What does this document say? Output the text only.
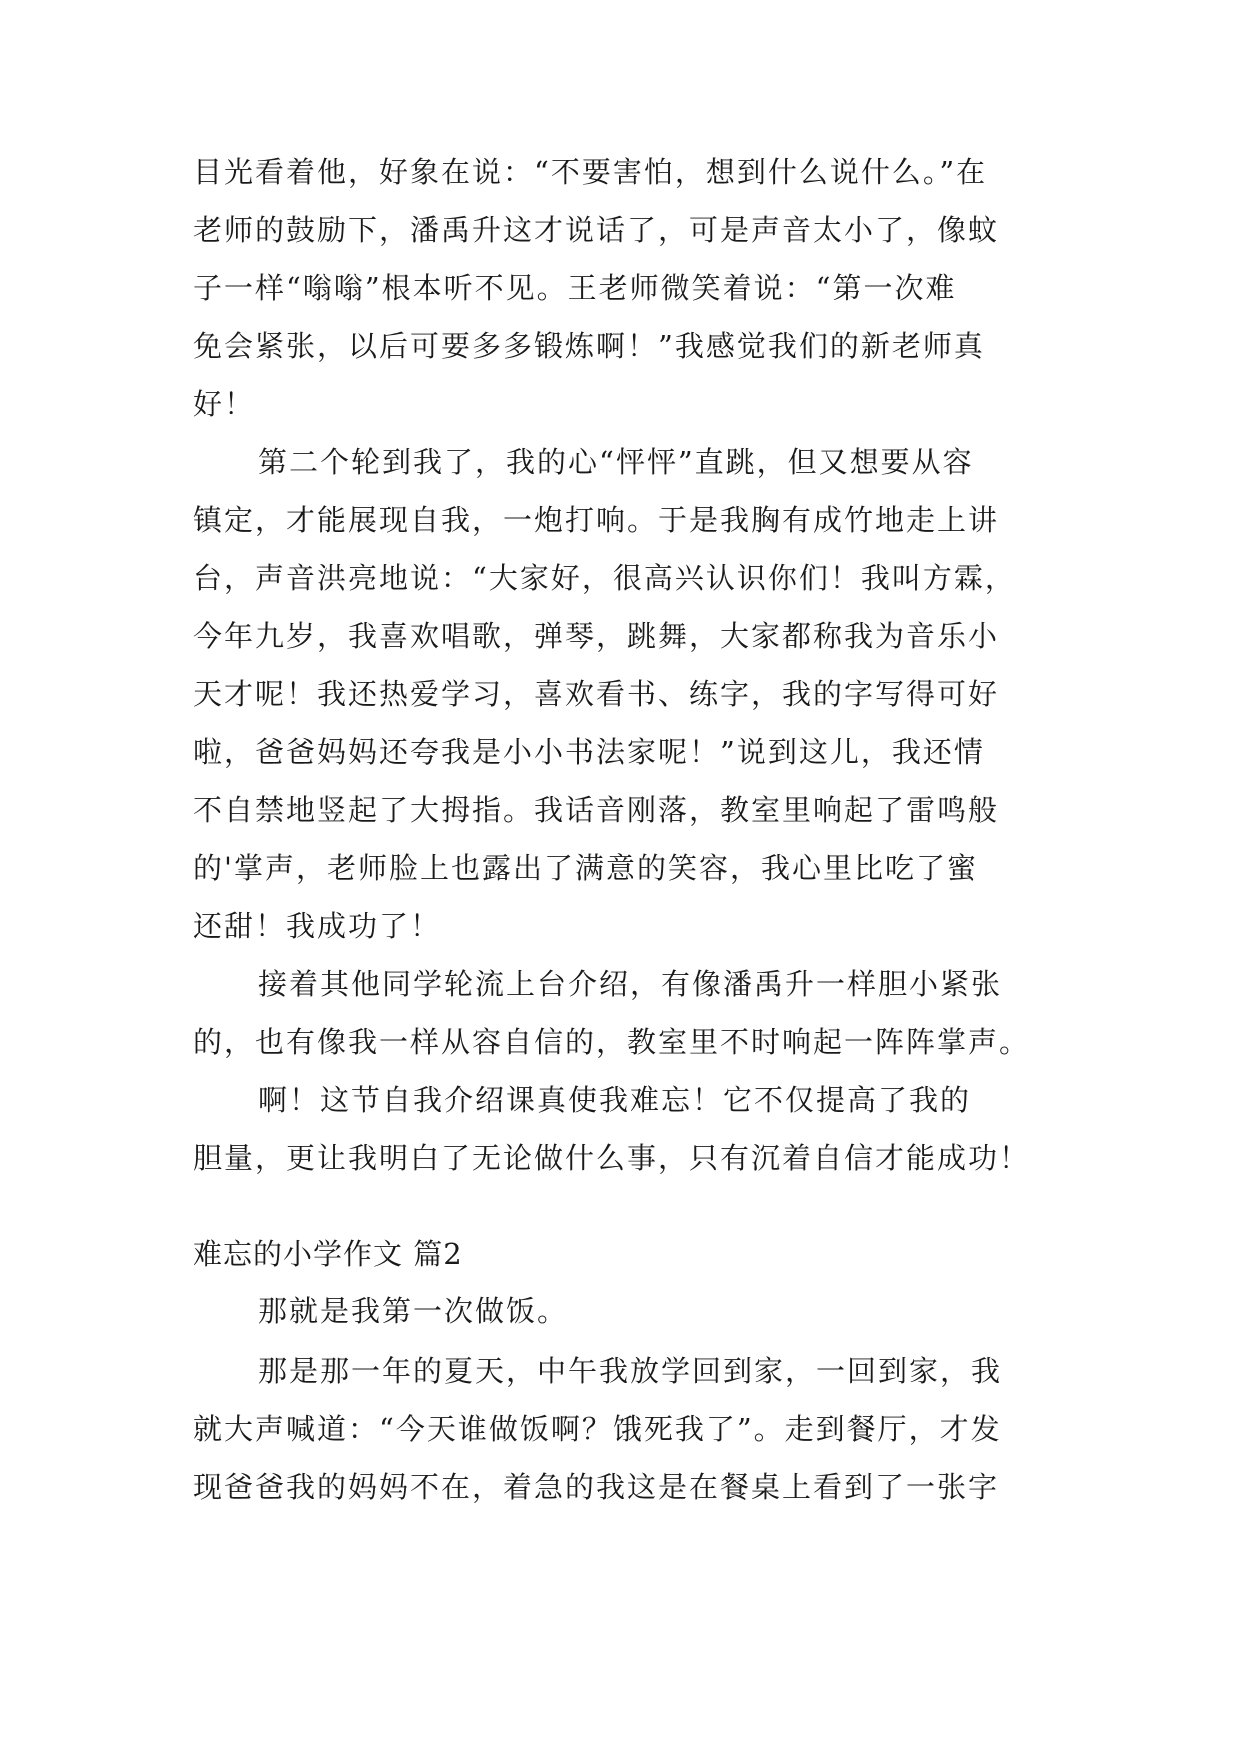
目光看着他，好象在说：“不要害怕，想到什么说什么。”在
老师的鼓励下，潘禹升这才说话了，可是声音太小了，像蚊
子一样“嗡嗡”根本听不见。王老师微笑着说：“第一次难
免会紧张，以后可要多多锻炼啊！”我感觉我们的新老师真
好！
第二个轮到我了，我的心“怦怦”直跳，但又想要从容
镇定，才能展现自我，一炮打响。于是我胸有成竹地走上讲
台，声音洪亮地说：“大家好，很高兴认识你们！我叫方霖，
今年九岁，我喜欢唱歌，弹琴，跳舞，大家都称我为音乐小
天才呢！我还热爱学习，喜欢看书、练字，我的字写得可好
啦，爸爸妈妈还夸我是小小书法家呢！”说到这儿，我还情
不自禁地竖起了大拇指。我话音刚落，教室里响起了雷鸣般
的'掌声，老师脸上也露出了满意的笑容，我心里比吃了蜜
还甜！我成功了！
接着其他同学轮流上台介绍，有像潘禹升一样胆小紧张
的，也有像我一样从容自信的，教室里不时响起一阵阵掌声。
啊！这节自我介绍课真使我难忘！它不仅提高了我的
胆量，更让我明白了无论做什么事，只有沉着自信才能成功！
难忘的小学作文 篇2
那就是我第一次做饭。
那是那一年的夏天，中午我放学回到家，一回到家，我
就大声喊道：“今天谁做饭啊？饿死我了”。走到餐厅，才发
现爸爸我的妈妈不在，着急的我这是在餐桌上看到了一张字
